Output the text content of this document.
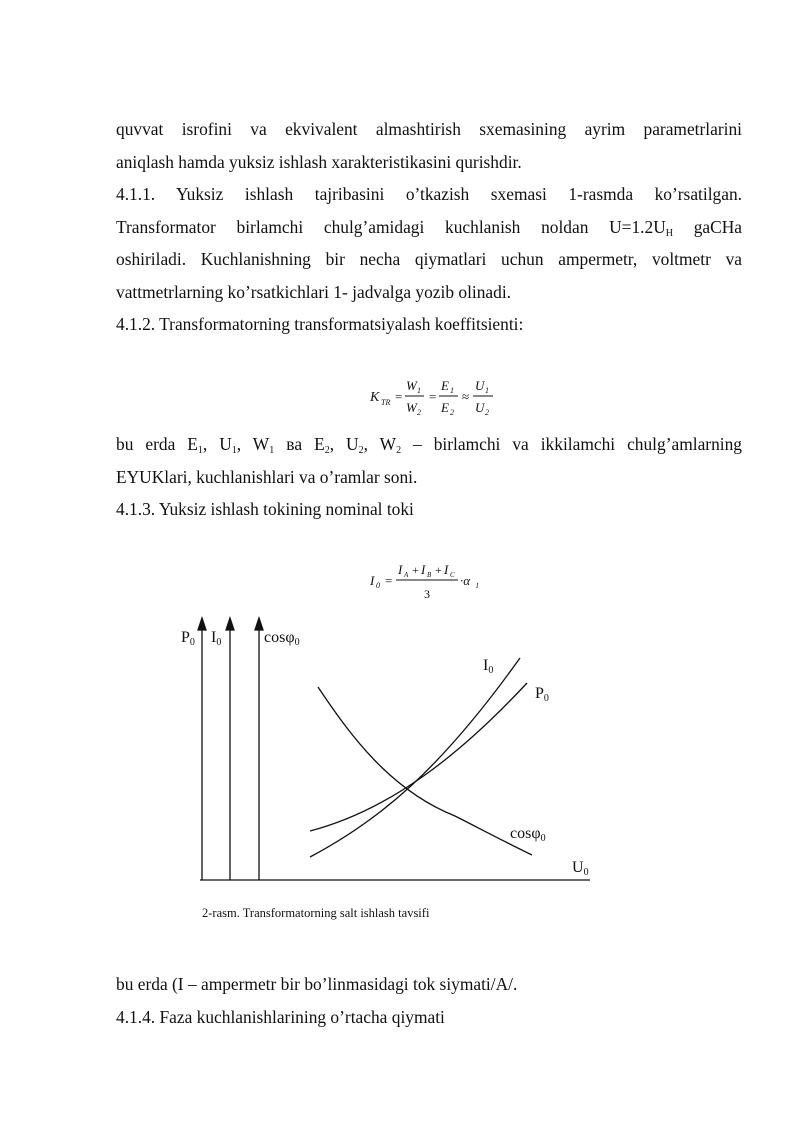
quvvat isrofini va ekvivalent almashtirish sxemasining ayrim parametrlarini
aniqlash hamda yuksiz ishlash xarakteristikasini qurishdir.
4.1.1. Yuksiz ishlash tajribasini o’tkazish sxemasi 1-rasmda ko’rsatilgan.
Transformator birlamchi chulg’amidagi kuchlanish noldan $U=1.2U_H$ gaCHa
oshiriladi. Kuchlanishning bir necha qiymatlari uchun ampermetr, voltmetr va
vattmetrlarning ko’rsatkichlari 1- jadvalga yozib olinadi.
4.1.2. Transformatorning transformatsiyalash koeffitsienti:
K TR =
W 1
W 2
=
E 1
E 2
≈
U 1
U 2
bu erda $E_1$, $U_1$, $W_1$ вa $E_2$, $U_2$, $W_2$ – birlamchi va ikkilamchi chulg’amlarning
EYUKlari, kuchlanishlari va o’ramlar soni.
4.1.3. Yuksiz ishlash tokining nominal toki
I 0 =
I A + I B + I C
3
·α I
P0 I0	cosφ0
I0
P0
cosφ0
U0
2-rasm. Transformatorning salt ishlash tavsifi
bu erda (I – ampermetr bir bo’linmasidagi tok siymati/A/.
4.1.4. Faza kuchlanishlarining o’rtacha qiymati
